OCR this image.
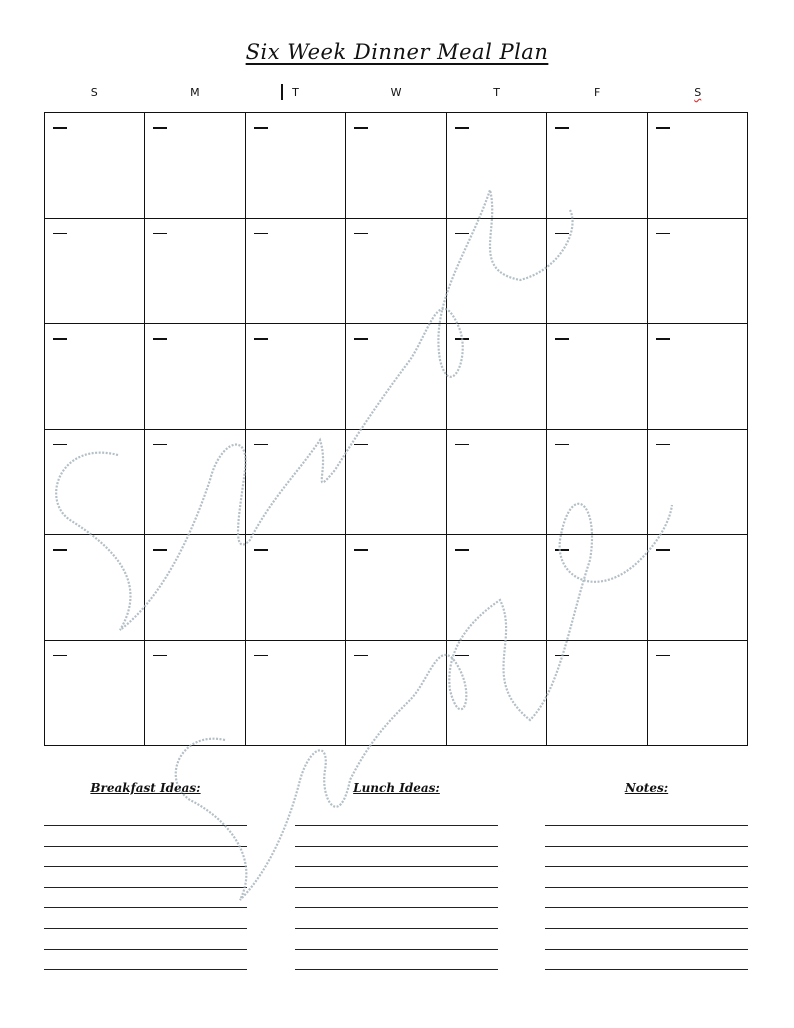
Six Week Dinner Meal Plan
S	M	T	W	T	F	S
Breakfast Ideas:	Lunch Ideas:	Notes:
